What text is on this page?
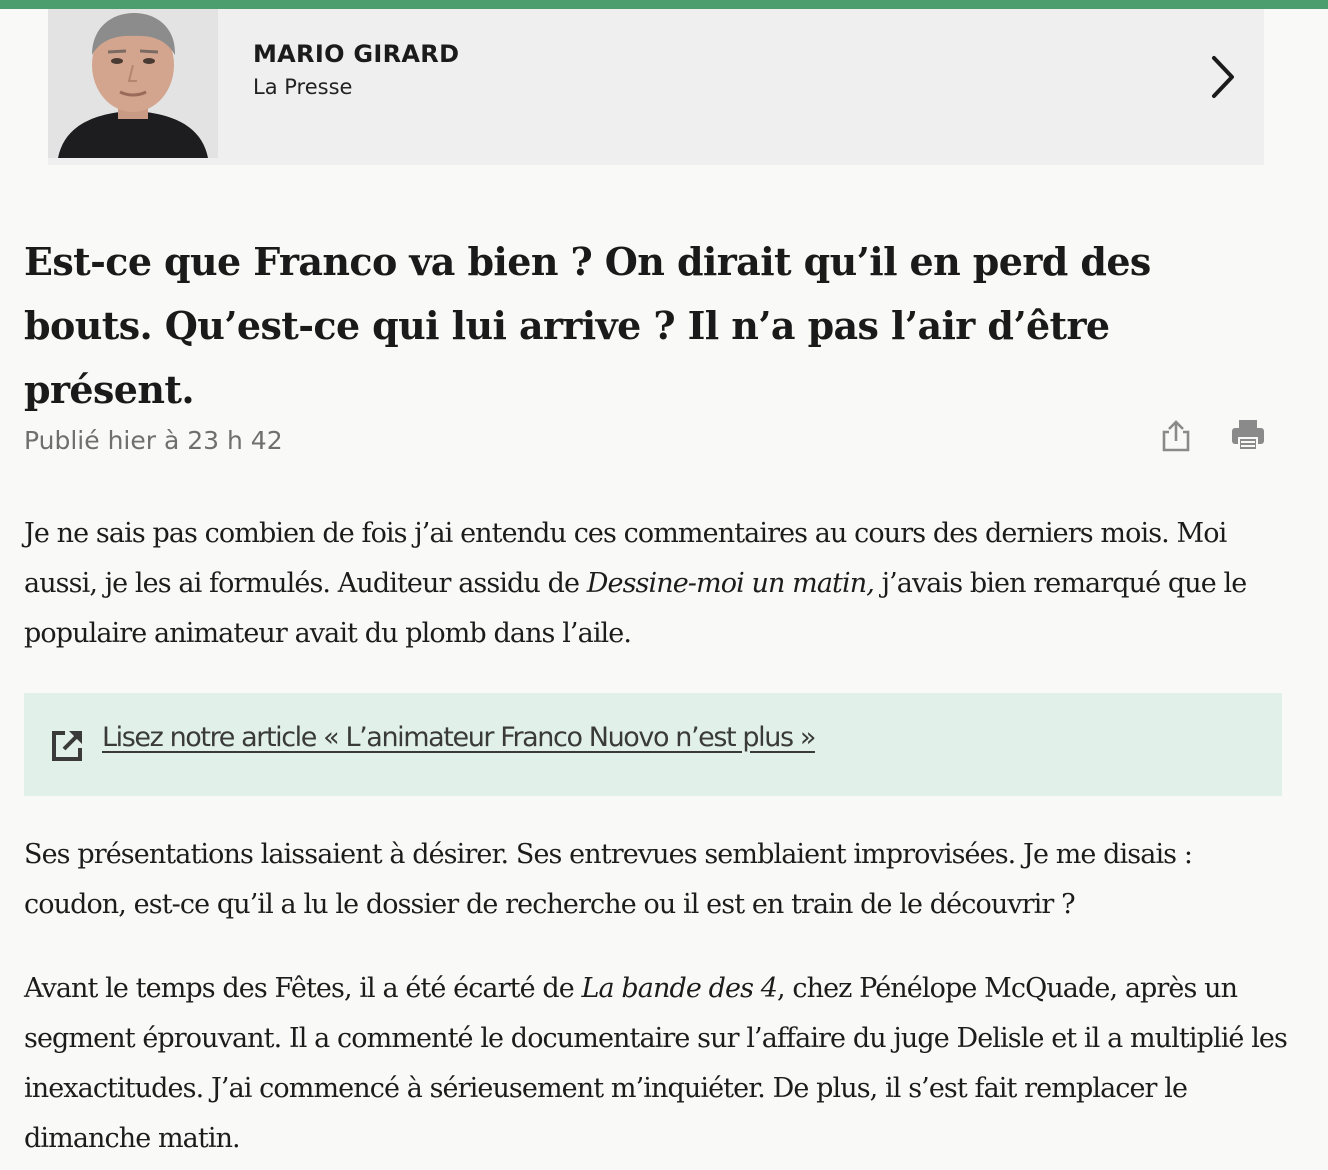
MARIO GIRARD
La Presse
Est-ce que Franco va bien ? On dirait qu’il en perd des bouts. Qu’est-ce qui lui arrive ? Il n’a pas l’air d’être présent.
Publié hier à 23 h 42

Je ne sais pas combien de fois j’ai entendu ces commentaires au cours des derniers mois. Moi aussi, je les ai formulés. Auditeur assidu de Dessine-moi un matin, j’avais bien remarqué que le populaire animateur avait du plomb dans l’aile.

Lisez notre article « L’animateur Franco Nuovo n’est plus »

Ses présentations laissaient à désirer. Ses entrevues semblaient improvisées. Je me disais : coudon, est-ce qu’il a lu le dossier de recherche ou il est en train de le découvrir ?

Avant le temps des Fêtes, il a été écarté de La bande des 4, chez Pénélope McQuade, après un segment éprouvant. Il a commenté le documentaire sur l’affaire du juge Delisle et il a multiplié les inexactitudes. J’ai commencé à sérieusement m’inquiéter. De plus, il s’est fait remplacer le dimanche matin.
